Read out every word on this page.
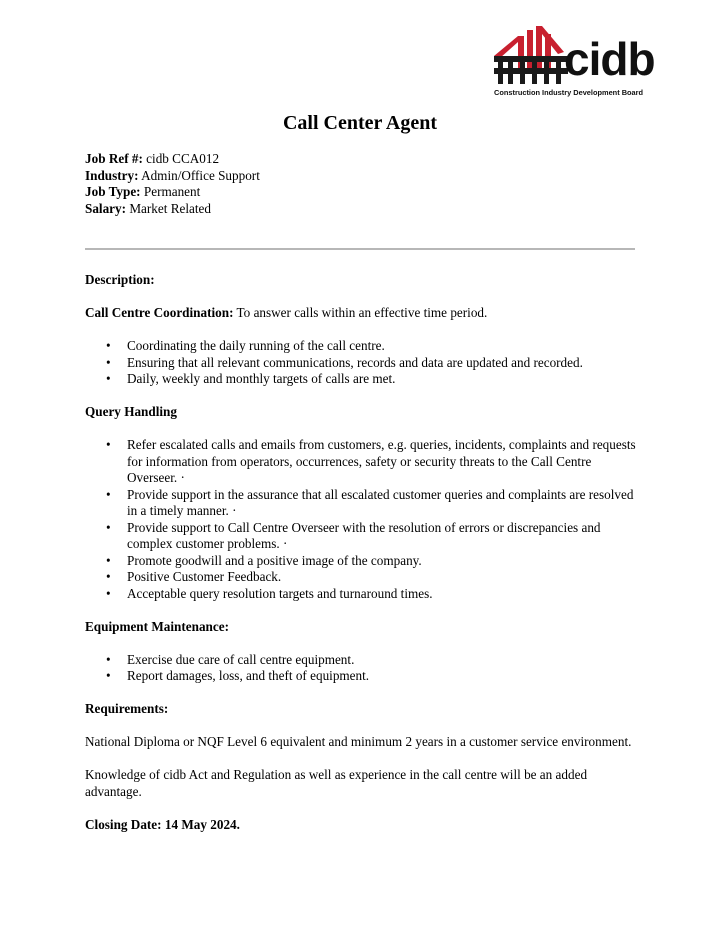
cidb
Construction Industry Development Board
Call Center Agent

Job Ref #: cidb CCA012

Industry: Admin/Office Support

Job Type: Permanent

Salary: Market Related

Description:

Call Centre Coordination: To answer calls within an effective time period.

• Coordinating the daily running of the call centre.
• Ensuring that all relevant communications, records and data are updated and recorded.
• Daily, weekly and monthly targets of calls are met.

Query Handling

• Refer escalated calls and emails from customers, e.g. queries, incidents, complaints and requests for information from operators, occurrences, safety or security threats to the Call Centre Overseer. ·
• Provide support in the assurance that all escalated customer queries and complaints are resolved in a timely manner. ·
• Provide support to Call Centre Overseer with the resolution of errors or discrepancies and complex customer problems. ·
• Promote goodwill and a positive image of the company.
• Positive Customer Feedback.
• Acceptable query resolution targets and turnaround times.

Equipment Maintenance:

• Exercise due care of call centre equipment.
• Report damages, loss, and theft of equipment.

Requirements:

National Diploma or NQF Level 6 equivalent and minimum 2 years in a customer service environment.

Knowledge of cidb Act and Regulation as well as experience in the call centre will be an added advantage.

Closing Date: 14 May 2024.
